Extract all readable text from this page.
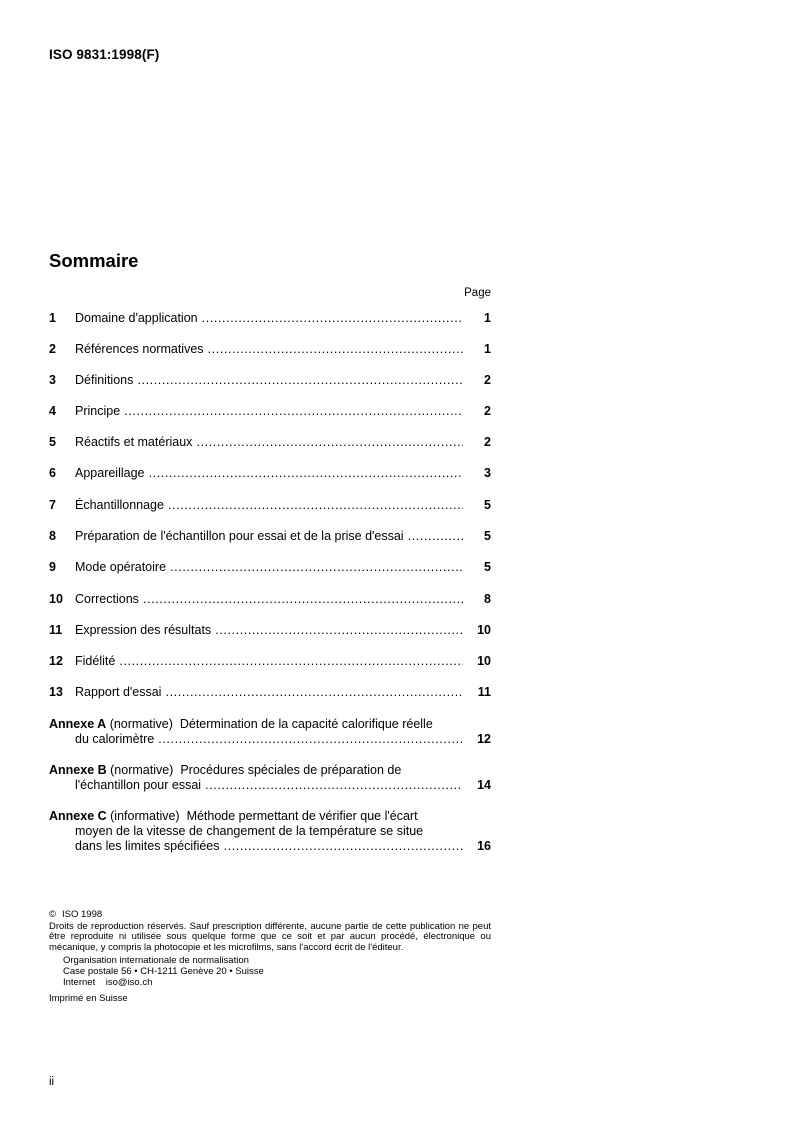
ISO 9831:1998(F)
Sommaire
Page
1 Domaine d'application .....	1
2 Références normatives .....	1
3 Définitions .....	2
4 Principe .....	2
5 Réactifs et matériaux .....	2
6 Appareillage .....	3
7 Échantillonnage .....	5
8 Préparation de l'échantillon pour essai et de la prise d'essai .....	5
9 Mode opératoire .....	5
10 Corrections .....	8
11 Expression des résultats .....	10
12 Fidélité .....	10
13 Rapport d'essai .....	11
Annexe A (normative) Détermination de la capacité calorifique réelle
du calorimètre .....	12
Annexe B (normative) Procédures spéciales de préparation de
l'échantillon pour essai .....	14
Annexe C (informative) Méthode permettant de vérifier que l'écart
moyen de la vitesse de changement de la température se situe
dans les limites spécifiées .....	16
© ISO 1998
Droits de reproduction réservés. Sauf prescription différente, aucune partie de cette publication ne peut être reproduite ni utilisée sous quelque forme que ce soit et par aucun procédé, électronique ou mécanique, y compris la photocopie et les microfilms, sans l'accord écrit de l'éditeur.
Organisation internationale de normalisation
Case postale 56 • CH-1211 Genève 20 • Suisse
Internet iso@iso.ch
Imprimé en Suisse
ii
